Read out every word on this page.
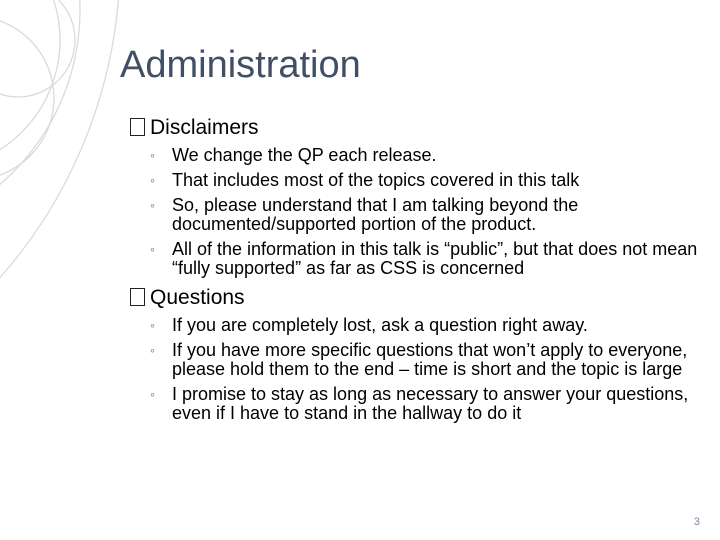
Administration
Disclaimers
◦ We change the QP each release.
◦ That includes most of the topics covered in this talk
◦ So, please understand that I am talking beyond the documented/supported portion of the product.
◦ All of the information in this talk is “public”, but that does not mean “fully supported” as far as CSS is concerned
Questions
◦ If you are completely lost, ask a question right away.
◦ If you have more specific questions that won’t apply to everyone, please hold them to the end – time is short and the topic is large
◦ I promise to stay as long as necessary to answer your questions, even if I have to stand in the hallway to do it
3
